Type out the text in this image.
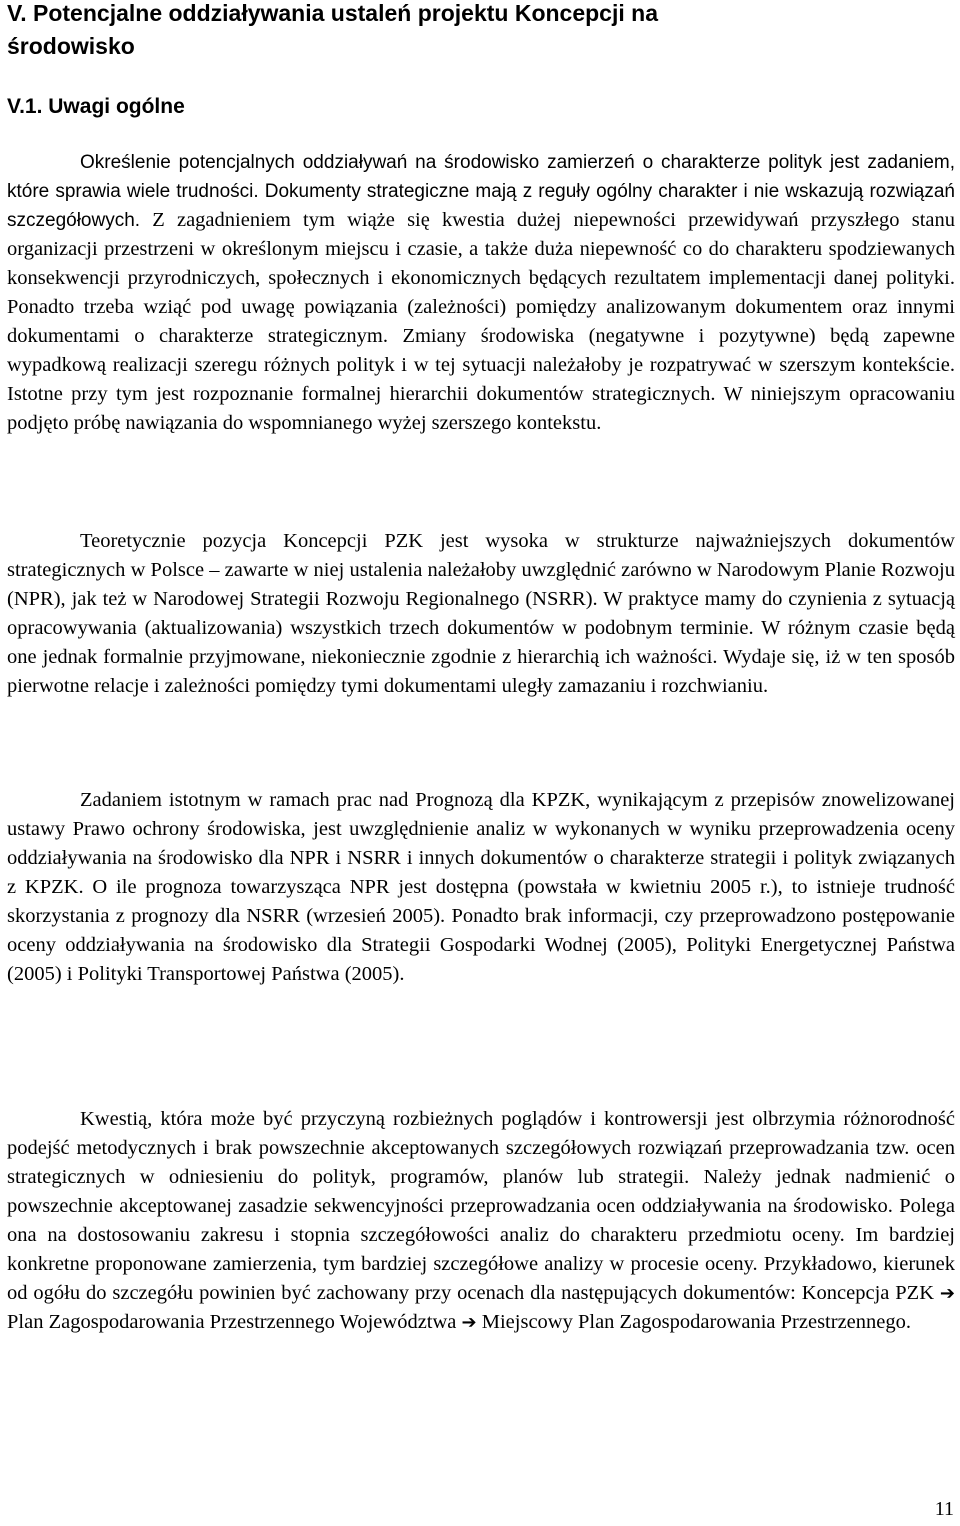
V. Potencjalne oddziaływania ustaleń projektu Koncepcji na
środowisko
V.1. Uwagi ogólne

Określenie potencjalnych oddziaływań na środowisko zamierzeń o charakterze polityk jest zadaniem, które sprawia wiele trudności. Dokumenty strategiczne mają z reguły ogólny charakter i nie wskazują rozwiązań szczegółowych. Z zagadnieniem tym wiąże się kwestia dużej niepewności przewidywań przyszłego stanu organizacji przestrzeni w określonym miejscu i czasie, a także duża niepewność co do charakteru spodziewanych konsekwencji przyrodniczych, społecznych i ekonomicznych będących rezultatem implementacji danej polityki. Ponadto trzeba wziąć pod uwagę powiązania (zależności) pomiędzy analizowanym dokumentem oraz innymi dokumentami o charakterze strategicznym. Zmiany środowiska (negatywne i pozytywne) będą zapewne wypadkową realizacji szeregu różnych polityk i w tej sytuacji należałoby je rozpatrywać w szerszym kontekście. Istotne przy tym jest rozpoznanie formalnej hierarchii dokumentów strategicznych. W niniejszym opracowaniu podjęto próbę nawiązania do wspomnianego wyżej szerszego kontekstu.

Teoretycznie pozycja Koncepcji PZK jest wysoka w strukturze najważniejszych dokumentów strategicznych w Polsce – zawarte w niej ustalenia należałoby uwzględnić zarówno w Narodowym Planie Rozwoju (NPR), jak też w Narodowej Strategii Rozwoju Regionalnego (NSRR). W praktyce mamy do czynienia z sytuacją opracowywania (aktualizowania) wszystkich trzech dokumentów w podobnym terminie. W różnym czasie będą one jednak formalnie przyjmowane, niekoniecznie zgodnie z hierarchią ich ważności. Wydaje się, iż w ten sposób pierwotne relacje i zależności pomiędzy tymi dokumentami uległy zamazaniu i rozchwianiu.

Zadaniem istotnym w ramach prac nad Prognozą dla KPZK, wynikającym z przepisów znowelizowanej ustawy Prawo ochrony środowiska, jest uwzględnienie analiz w wykonanych w wyniku przeprowadzenia oceny oddziaływania na środowisko dla NPR i NSRR i innych dokumentów o charakterze strategii i polityk związanych z KPZK. O ile prognoza towarzysząca NPR jest dostępna (powstała w kwietniu 2005 r.), to istnieje trudność skorzystania z prognozy dla NSRR (wrzesień 2005). Ponadto brak informacji, czy przeprowadzono postępowanie oceny oddziaływania na środowisko dla Strategii Gospodarki Wodnej (2005), Polityki Energetycznej Państwa (2005) i Polityki Transportowej Państwa (2005).

Kwestią, która może być przyczyną rozbieżnych poglądów i kontrowersji jest olbrzymia różnorodność podejść metodycznych i brak powszechnie akceptowanych szczegółowych rozwiązań przeprowadzania tzw. ocen strategicznych w odniesieniu do polityk, programów, planów lub strategii. Należy jednak nadmienić o powszechnie akceptowanej zasadzie sekwencyjności przeprowadzania ocen oddziaływania na środowisko. Polega ona na dostosowaniu zakresu i stopnia szczegółowości analiz do charakteru przedmiotu oceny. Im bardziej konkretne proponowane zamierzenia, tym bardziej szczegółowe analizy w procesie oceny. Przykładowo, kierunek od ogółu do szczegółu powinien być zachowany przy ocenach dla następujących dokumentów: Koncepcja PZK ➔ Plan Zagospodarowania Przestrzennego Województwa ➔ Miejscowy Plan Zagospodarowania Przestrzennego.

11
